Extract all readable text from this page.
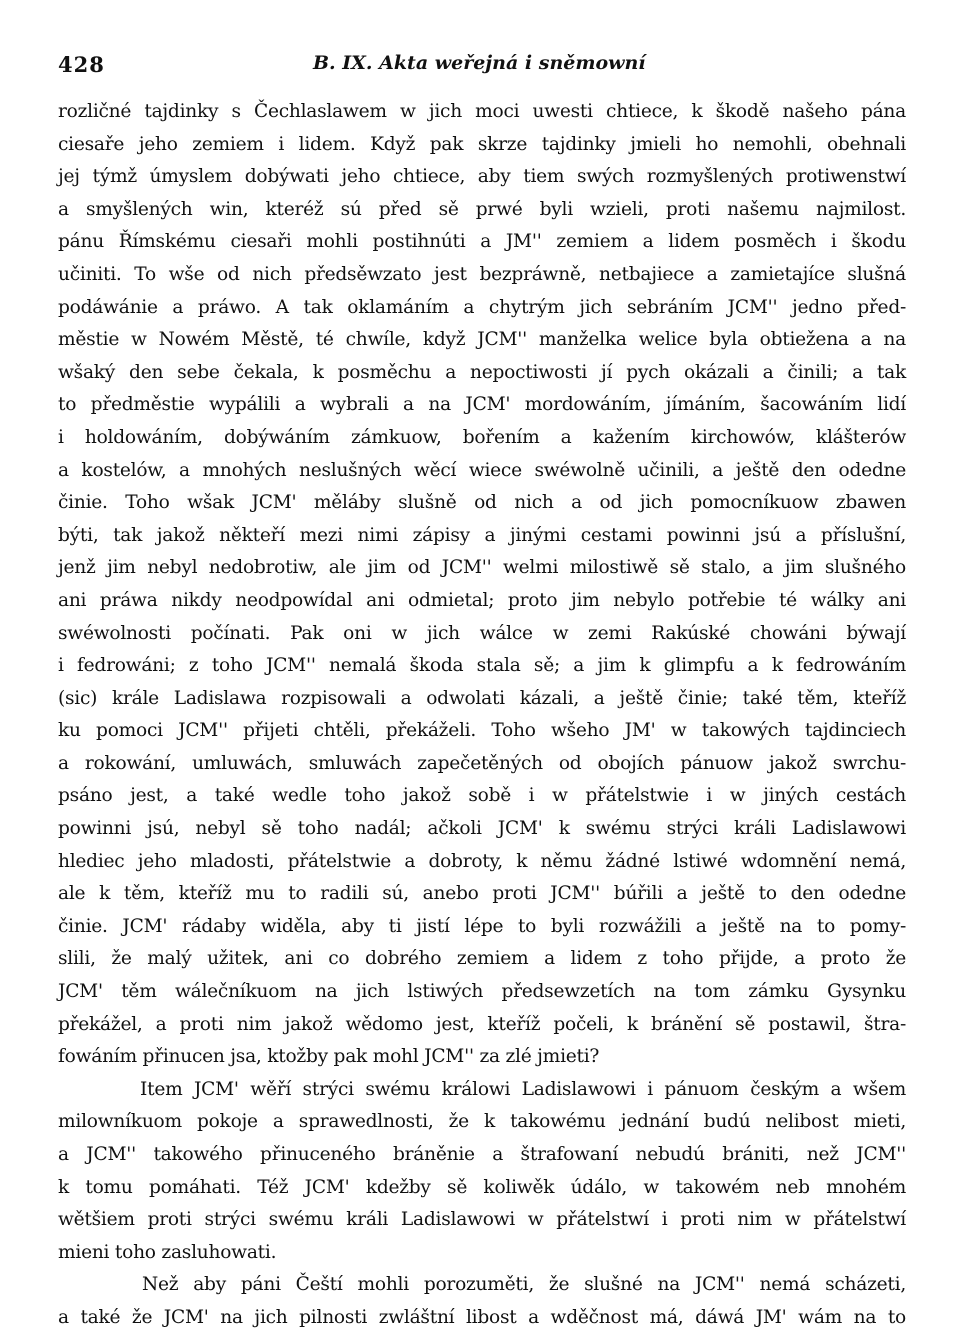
428	B. IX. Akta weřejná i sněmowní
rozličné tajdinky s Čechlaslawem w jich moci uwesti chtiece, k škodě našeho pána
ciesaře jeho zemiem i lidem. Když pak skrze tajdinky jmieli ho nemohli, obehnali
jej týmž úmyslem dobýwati jeho chtiece, aby tiem swých rozmyšlených protiwenstwí
a smyšlených win, kteréž sú před sě prwé byli wzieli, proti našemu najmilost.
pánu Římskému ciesaři mohli postihnúti a JM'' zemiem a lidem posměch i škodu
učiniti. To wše od nich předsěwzato jest bezpráwně, netbajiece a zamietajíce slušná
podáwánie a práwo. A tak oklamáním a chytrým jich sebráním JCM'' jedno před-
městie w Nowém Městě, té chwíle, když JCM'' manželka welice byla obtiežena a na
wšaký den sebe čekala, k posměchu a nepoctiwosti jí pych okázali a činili; a tak
to předměstie wypálili a wybrali a na JCM' mordowáním, jímáním, šacowáním lidí
i holdowáním, dobýwáním zámkuow, bořením a kažením kirchowów, klášterów
a kostelów, a mnohých neslušných wěcí wiece swéwolně učinili, a ještě den odedne
činie. Toho wšak JCM' měláby slušně od nich a od jich pomocníkuow zbawen
býti, tak jakož někteří mezi nimi zápisy a jinými cestami powinni jsú a příslušní,
jenž jim nebyl nedobrotiw, ale jim od JCM'' welmi milostiwě sě stalo, a jim slušného
ani práwa nikdy neodpowídal ani odmietal; proto jim nebylo potřebie té wálky ani
swéwolnosti počínati. Pak oni w jich wálce w zemi Rakúské chowáni býwají
i fedrowáni; z toho JCM'' nemalá škoda stala sě; a jim k glimpfu a k fedrowáním
(sic) krále Ladislawa rozpisowali a odwolati kázali, a ještě činie; také těm, kteříž
ku pomoci JCM'' přijeti chtěli, překáželi. Toho wšeho JM' w takowých tajdinciech
a rokowání, umluwách, smluwách zapečetěných od obojích pánuow jakož swrchu-
psáno jest, a také wedle toho jakož sobě i w přátelstwie i w jiných cestách
powinni jsú, nebyl sě toho nadál; ačkoli JCM' k swému strýci králi Ladislawowi
hlediec jeho mladosti, přátelstwie a dobroty, k němu žádné lstiwé wdomnění nemá,
ale k těm, kteříž mu to radili sú, anebo proti JCM'' búřili a ještě to den odedne
činie. JCM' rádaby widěla, aby ti jistí lépe to byli rozwážili a ještě na to pomy-
slili, že malý užitek, ani co dobrého zemiem a lidem z toho přijde, a proto že
JCM' těm wálečníkuom na jich lstiwých předsewzetích na tom zámku Gysynku
překážel, a proti nim jakož wědomo jest, kteříž počeli, k bránění sě postawil, štra-
fowáním přinucen jsa, ktožby pak mohl JCM'' za zlé jmieti?
Item JCM' wěří strýci swému králowi Ladislawowi i pánuom českým a wšem
milowníkuom pokoje a sprawedlnosti, že k takowému jednání budú nelibost mieti,
a JCM'' takowého přinuceného bráněnie a štrafowaní nebudú brániti, než JCM''
k tomu pomáhati. Též JCM' kdežby sě koliwěk údálo, w takowém neb mnohém
wětšiem proti strýci swému králi Ladislawowi w přátelstwí i proti nim w přátelstwí
mieni toho zasluhowati.
Než aby páni Čeští mohli porozuměti, že slušné na JCM'' nemá scházeti,
a také že JCM' na jich pilnosti zwláštní libost a wděčnost má, dáwá JM' wám na to
